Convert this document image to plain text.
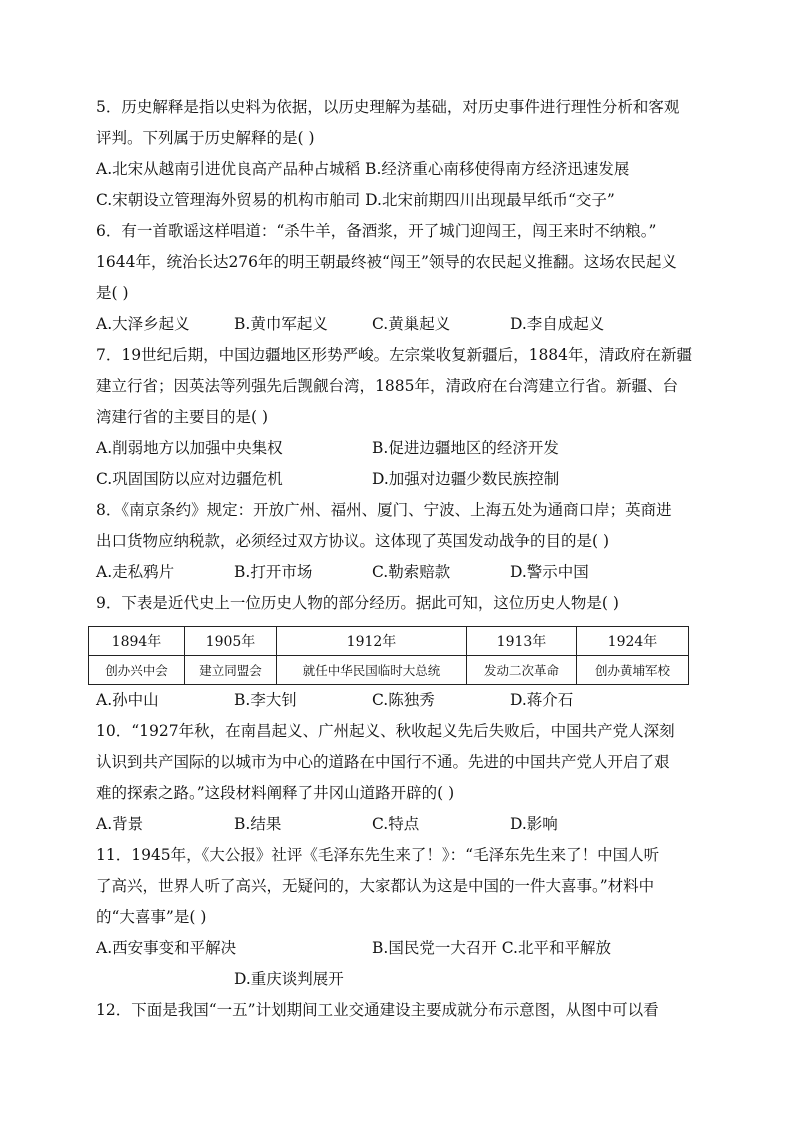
5．历史解释是指以史料为依据，以历史理解为基础，对历史事件进行理性分析和客观
评判。下列属于历史解释的是( )
A.北宋从越南引进优良高产品种占城稻 B.经济重心南移使得南方经济迅速发展
C.宋朝设立管理海外贸易的机构市舶司 D.北宋前期四川出现最早纸币“交子”
6．有一首歌谣这样唱道：“杀牛羊，备酒浆，开了城门迎闯王，闯王来时不纳粮。”
1644年，统治长达276年的明王朝最终被“闯王”领导的农民起义推翻。这场农民起义
是( )
A.大泽乡起义	B.黄巾军起义	C.黄巢起义	D.李自成起义
7．19世纪后期，中国边疆地区形势严峻。左宗棠收复新疆后，1884年，清政府在新疆
建立行省；因英法等列强先后觊觎台湾，1885年，清政府在台湾建立行省。新疆、台
湾建行省的主要目的是( )
A.削弱地方以加强中央集权	B.促进边疆地区的经济开发
C.巩固国防以应对边疆危机	D.加强对边疆少数民族控制
8．《南京条约》规定：开放广州、福州、厦门、宁波、上海五处为通商口岸；英商进
出口货物应纳税款，必须经过双方协议。这体现了英国发动战争的目的是( )
A.走私鸦片	B.打开市场	C.勒索赔款	D.警示中国
9．下表是近代史上一位历史人物的部分经历。据此可知，这位历史人物是( )
1894年	1905年	1912年	1913年	1924年
创办兴中会	建立同盟会	就任中华民国临时大总统	发动二次革命	创办黄埔军校
A.孙中山	B.李大钊	C.陈独秀	D.蒋介石
10．“1927年秋，在南昌起义、广州起义、秋收起义先后失败后，中国共产党人深刻
认识到共产国际的以城市为中心的道路在中国行不通。先进的中国共产党人开启了艰
难的探索之路。”这段材料阐释了井冈山道路开辟的( )
A.背景	B.结果	C.特点	D.影响
11．1945年，《大公报》社评《毛泽东先生来了！》：“毛泽东先生来了！中国人听
了高兴，世界人听了高兴，无疑问的，大家都认为这是中国的一件大喜事。”材料中
的“大喜事”是( )
A.西安事变和平解决	B.国民党一大召开 C.北平和平解放
D.重庆谈判展开
12．下面是我国“一五”计划期间工业交通建设主要成就分布示意图，从图中可以看
